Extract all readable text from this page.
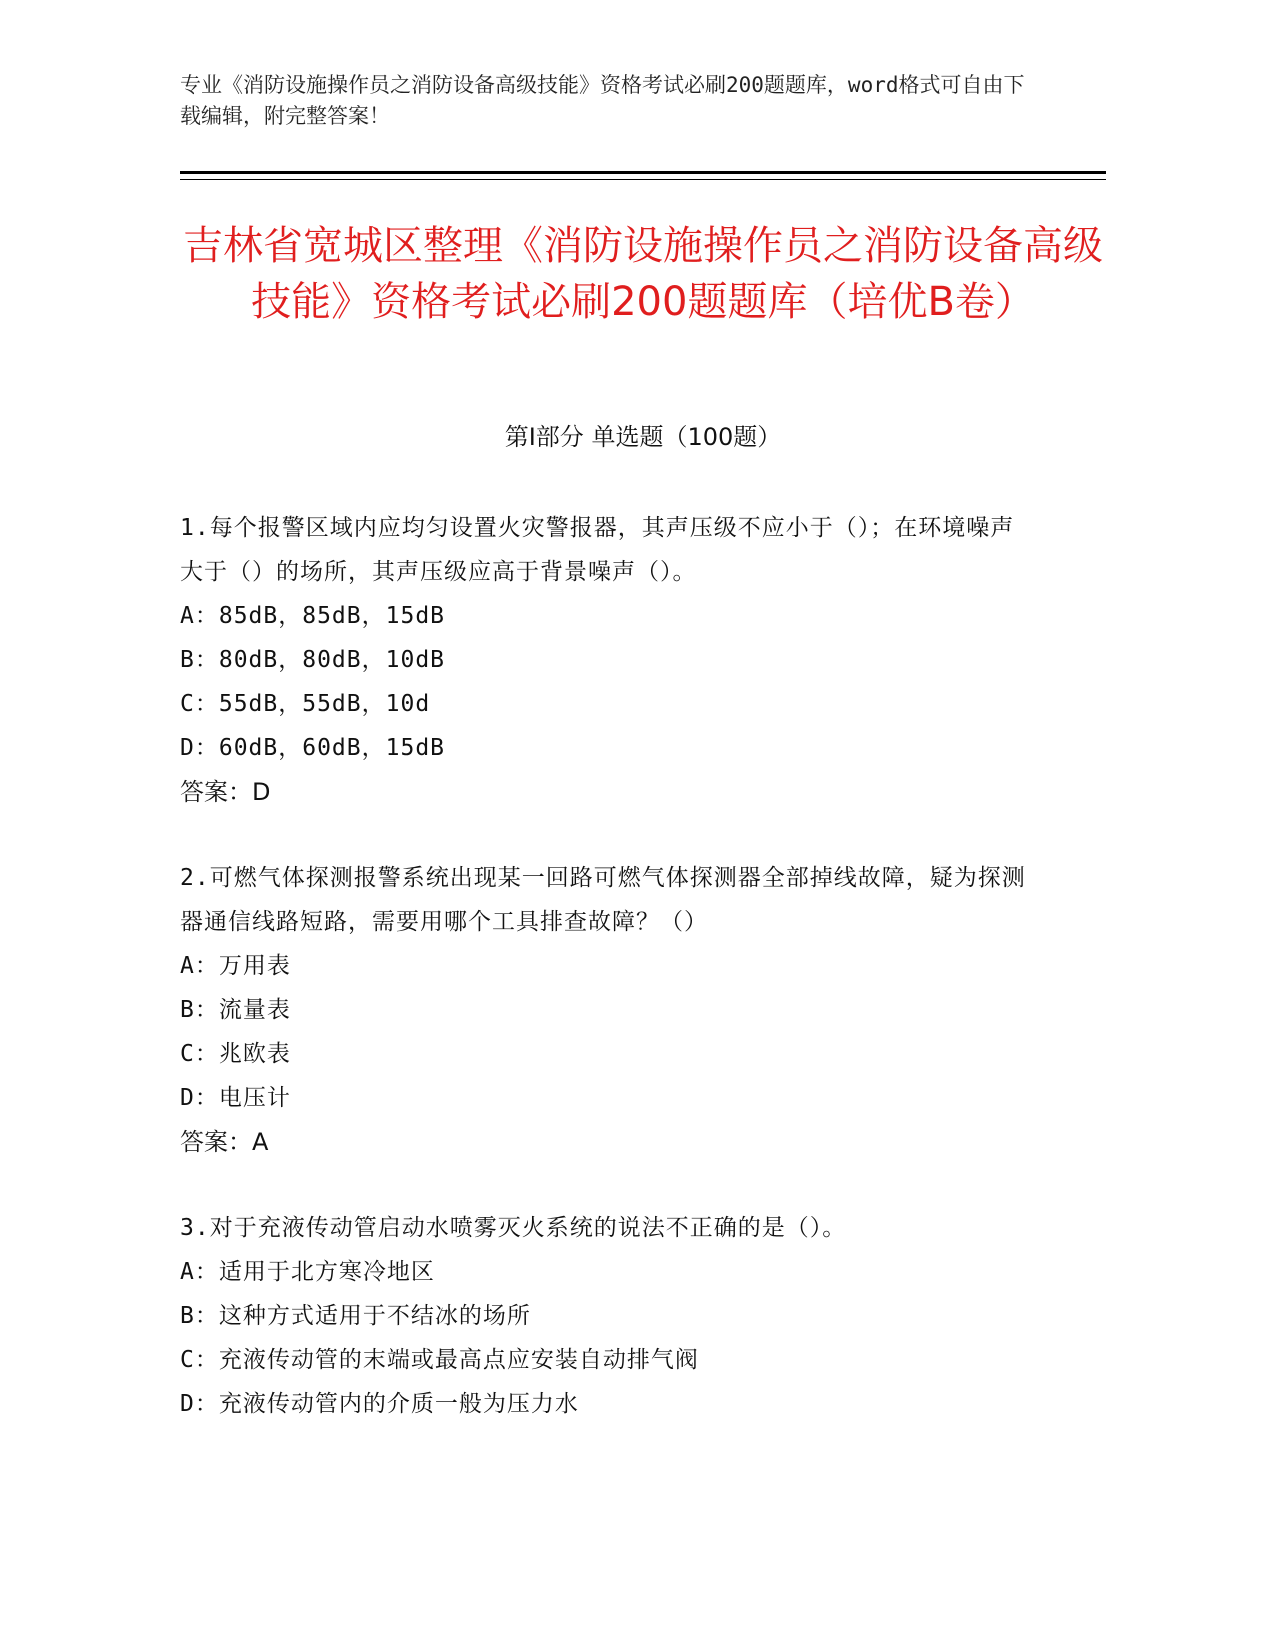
专业《消防设施操作员之消防设备高级技能》资格考试必刷200题题库，word格式可自由下载编辑，附完整答案！
吉林省宽城区整理《消防设施操作员之消防设备高级技能》资格考试必刷200题题库（培优B卷）
第Ⅰ部分 单选题（100题）

1.每个报警区域内应均匀设置火灾警报器，其声压级不应小于（）；在环境噪声大于（）的场所，其声压级应高于背景噪声（）。

A：85dB，85dB，15dB

B：80dB，80dB，10dB

C：55dB，55dB，10d

D：60dB，60dB，15dB

答案：D

2.可燃气体探测报警系统出现某一回路可燃气体探测器全部掉线故障，疑为探测器通信线路短路，需要用哪个工具排查故障？（）

A：万用表

B：流量表

C：兆欧表

D：电压计

答案：A

3.对于充液传动管启动水喷雾灭火系统的说法不正确的是（）。

A：适用于北方寒冷地区

B：这种方式适用于不结冰的场所

C：充液传动管的末端或最高点应安装自动排气阀

D：充液传动管内的介质一般为压力水
